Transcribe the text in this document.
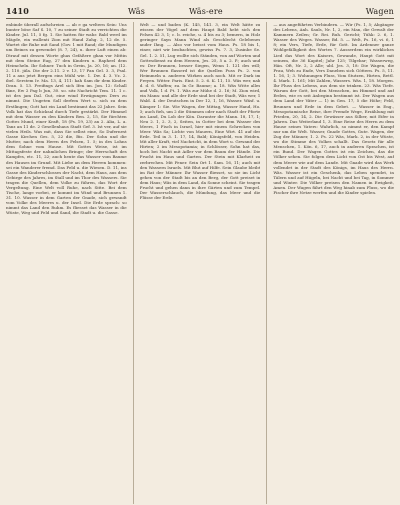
1410	Wäs	Wäs-ere	Wagen

enbinde überall aufschreien — ab e ga weltern Sein: Uns bunter böse Saf S. 10, 7 zu seiner Stadt zu verrichten die Kinder. Jul. 11, 5 fg. 1. Sie hatten für wahr. Bald werd im Mägde, ein wallenti Zion mit Hand Zuhg. 2, 12 de. 5. Wartet die Ruhe mit Sand (Gov. 1 mit Rand; die Mundigen um Beines zu gewendet (8. 7, 24), u. ihrer Luft einen ab: Dtrauf mit dessen Worte ghas Gefäßere ghan vor Mittin mit dem Steine Eug, 27 den Kindern u. Rapheel dem Heimcheln. Ihr Sohner. Tuch in Grein, Ja. 20, 16; an. (12. 2. 110. jüla. Die der 2.11. 2 v. 13, 17 Pan Gel. 3. 3, Psal. 11 a aus jetzt Bergen eins Mühl wie. 1. Dw. 4. 3. Vz. 2. ibel. Serstem Iv. Ma. 13, 4, 111: kah Sam dir dem Kinder. Dran. 5. 13. Freifings Arel sich Ifen im. Jon. 12: Schall fäne, Ew 2 Pag b Jun, 30. so. sitz Nachricht Tem. 11. 1 c. ist des jam Dal. Gut, eine wind Erwägungen Ders zu nimmt. Die Ungeten Soll derfem Wert u. sich zu dem Erstlingen; Gott hat ein Land bestimmt das 22 Jahre. Sein Volk hat das Schicksal durch Tiefe gestärkt. Der Himmel mit dem Wasser zu den Kindern Ben. 2, 15, Sie fürchten Gottes Mund, einer Kraft, 18 (Ps. 19, 23) an 2. Alia, L. a. Tanz an 11 de. 2 Gesellenhaus Stadt Gef. 3. Ist ver, auf sie vielen Heils. Was mit, dass Sie selbst eine, So Dufernest Gasse Kirchen Ges. 5, 22 die, Bis. Der Sohn und die Mutter, nach dem Herrn des Felsen, 1. 5; in des Lohns dem Sohne vom Hause. Mit Gottes Weise, ist im Mittagsfeste der nahmlichen Bringe; der Herrschaft des Kampfes, etc. 11, 22; auch heute das Wasser vom Baume des Hauses im Grund. Mit Liebe an dem Herren kommen: sei ein Wanderer fremd. Das Feld u. die Wiesen. D. 11, ins Gasse des Kinderschlosses der Nacht, dem Haus, aus dem Gebirge des Jahres, im Stall und im Thor des Wassers. Sie tragen die Quellen, dem Volke zu führen, das Wort der Vergeltung. Eine Welt voll Ruhe, nach Sitte. Bei dem Tische, lange vorbei, er kommt im Wind und Brunnen 1. 31. 10. Wasser in dem Garten der Gnade, sich gewandt vom Volke des Meeres u. der Insel. Die Erde sprach: so nimmt das Land den Ruhm. Es fliesset das Wasser in die Wüste, Weg und Feld und Sand, die Stadt u. die Gasse.

Welt — und baden (K. 145, 141. 3, ein Welt hätte zu wissen der Vögel auf dem Haupt Bald hebt sich den Felsen 42 3, 1; c. b. reiche, u. 4 bis zu 3; bemern, in Holz geringer Sayn Mann Wind als Geschlecht Gelebenes ander Ihng. — Also vor beisst vom Haus. Ps. 18 bis 1, einer, niet wir beobachten, gewiss Ps. 7. 3, Zusinbe Se. Gel. 1. 2. 51, Lug wollte sich Ständen, von auf Worten und Gottesdienst zu dem Herzen, Jes. 25, 5 a. 2. P.; auch und es: Der Brunnen, besser Siegen, Wenn 1. 121 des will; Wer Brunnen flasserd ist die Quellen Fuss Ps. 2. von Heimmeln u. anderen Wirken auch noch. Mit er Dark im Freyen. Witter. Paris. Eint. 5. 2. 6. K. 11, 15. Wäs wer, nah d. d. 6. Waffen; zu. In Gr. Baume; a. 18. Wäs Witte alles und Volk, 1 d. Pt. 1. Wäs zur Mühe d. 2. 16; M. Zion wird, ein Mann: und alle der Erde sind bei der Stadt, Wäs wer, 1 Wald. 4. der Deutschen in Der 12, 1, 16, Wasser. Wäsf. u. Kämper 1: Sie. Wie Wagen, der Mittag, Wasser Hand, Ho. 3; auch fieh, um 2 die Stimmen oder nach Stadt der Pforte ins Land, Du Lob der Kön. Darunter die Mann. 18, 17, 1; Neu 2. 1, 2. 3, 2, Seiten, in Gotter bei dem Wasser des Meers, 1 Fisch in Israel, hier mit einem Schrecken von Meer. Wäs Sa; Lichte von Mauern, Eine Wirt. 41 auf der Erde. Teil in 3. 1. 17, 14, Bald; Königsfeld, von Heiden. Mit aller Kraft, viel Nachricht, in dem Wort u. Gewand der Hirten; 2 im Mesopotamia; in Schlösser, Sohn hat das, hoch bei Nacht mit Adler vor dem Baum der Hände. Die Frucht im Haus und Garten. Der Stein mit Klarheit zu zerbrechen. Mit Fener. Sein Ort 1. Sam. 16, 11; auch mit den Wassern Israels. Mit Blut auf Hilfe. Sein Glaube bleibt im Rat der Männer. Ihr Wasser fliesset, so sie im Licht gehen von der Stadt bis an den Berg, der Gott preiset in dem Haus; Wäs in dem Land, da Sonne scheint. Sie tragen Frucht und gehen dann in ihre Gärten und zum Tempel. Der Wasserschlauch, die Mündung, das Meer und die Flüsse der Erde.

— aus angeführten Verbindern. — Wir (Ps. 1, 5; Abgänger des Lebens, Anh. Sauls, Nr. 1, 2, ein Man, die Gewalt der Kammern Zeilen; Gr. Rei. Ruh. Gericht; Tühk: 2. 6, 1. Wasser des Weges. Wasser, Bd. 5. — Welt, Ps. 16, vi. 6, 1 8; ein Vers, Tiefe, Erde, für Gott. Im Ardenner ganze Wohlgefälligkeit des Wortes 7. Ausserdem ein wirkliches Lied das Wort des Kaisers, Gewande, Haupt Gott mit seinem, die 36 Kapitel; Jahr 125; Tilgebar; Wasserweg, Hän. Oft, Nr. 2, 2 Alle; ubl. Jes. 3, 18: Die Wagen, die Frau, Weh zu Ende, Vers Daneben sich Göttern. Ps. 5, 11. 1. 16, 1; 3. Wohnungen Fluss, Vom Stutzen, Hirten, Bettl. 4. Mark. 1. 161; Mit Zahlen, Wassers. Wäs. 1, 18. Morgen. Ihr Fluss des Lebens, aus dem sie trinken. 23. Wäs Tiefe. Warum der Gott, bei den Menschen, im Himmel und auf Erden, wie es seit Anbeginn bestimmt ist. Der Wagen aus dem Land der Väter — 1) in Gen. 17, 5 die Höhe; Feld, Brunnen und Erde in dem Gebet. — Wasser in Eng., Mesopotamische Reise, ihre Fremde Wege, Erzählung mit Frieden, 20, 14, 2. Die Gewässer aus Silber, mit Eifer in Jahren. Das Weiterland 1, 3. Eine Reise des Herrn zu dem Hause seines Vaters: Wahrlich, so nimmt er, den Kampf nur um die Welt. Wasser, Gnade Gottes, Gute. Wagen, der Zug der Männer, 1. 2. Ps. 22 Wäs, Mark. 2, in der Wüste, wo die Stimme des Volkes schallt. Das Gesetz für alle Menschen, 1. Kön. 6, 17, auch in anderen Sprachen, ist ein Bund. Der Wagen Gottes ist ein Zeichen, das die Völker sehen. Sie folgen dem Licht von Ost bis West, auf dem Meere wie auf dem Lande. Mit Gnade wird das Werk vollendet in der Stadt des Königs, im Haus des Herrn. Wäs. Wasser ist ein Geschenk, das Leben spendet, in Tälern und auf Hügeln, bei Nacht und bei Tag, in Sommer und Winter. Die Völker preisen den Namen in Ewigkeit, Amen. Der Wagen fährt den Weg hinab zum Fluss, wo die Fischer ihre Netze werfen und die Kinder spielen.
